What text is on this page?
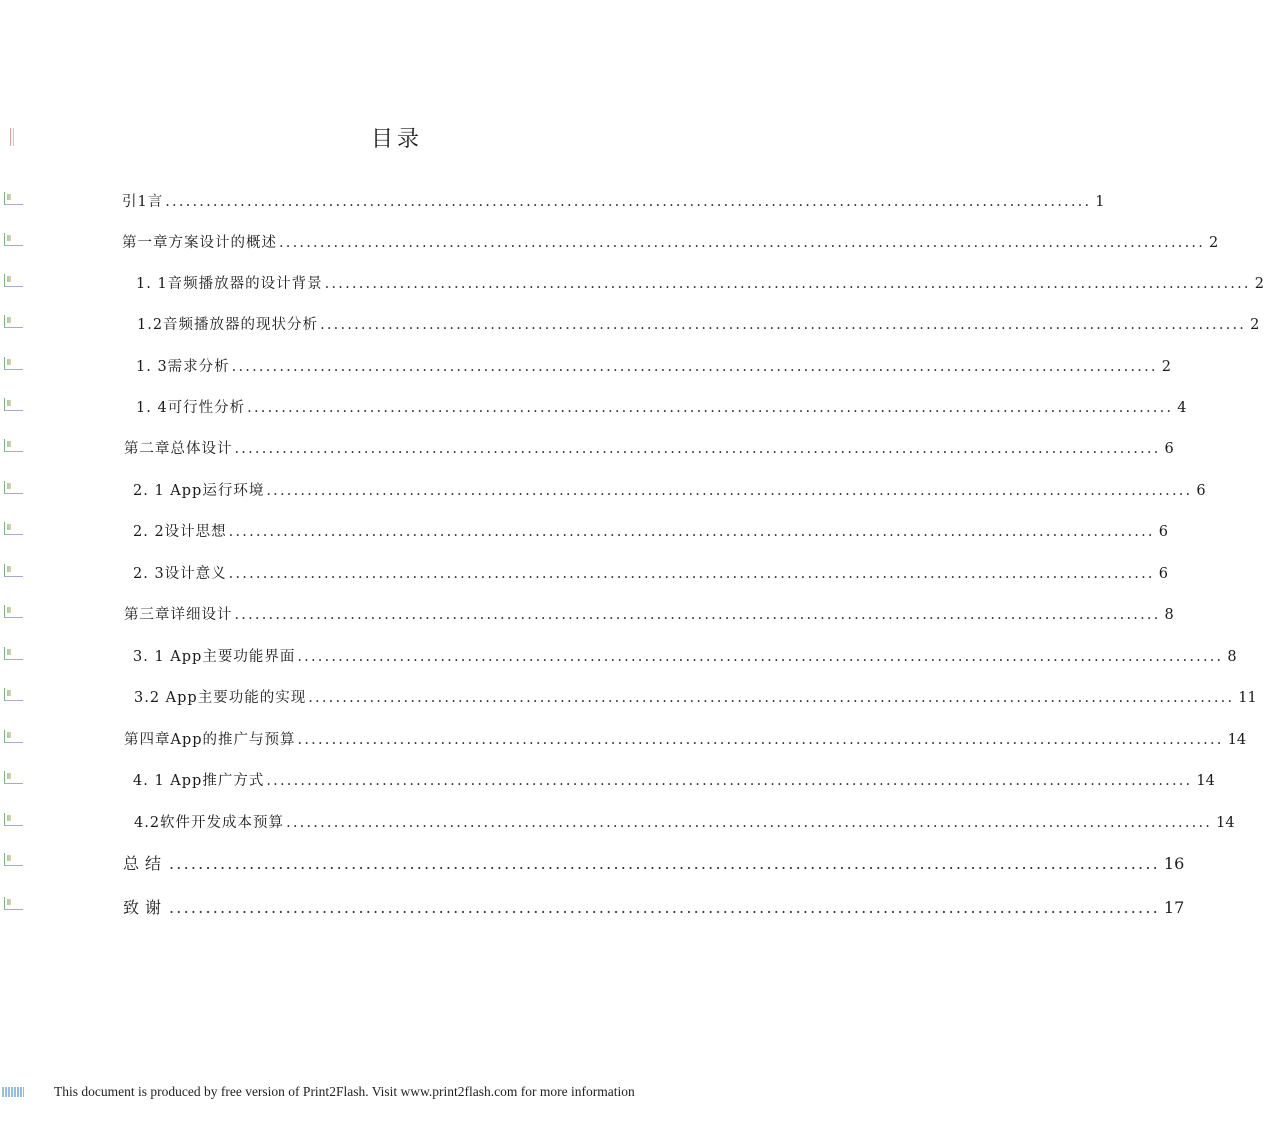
目录
引1言 ........................................................................................................................................ 1
第一章方案设计的概述 ........................................................................................................................................ 2
1. 1音频播放器的设计背景 ........................................................................................................................................ 2
1.2音频播放器的现状分析 ........................................................................................................................................ 2
1. 3需求分析 ........................................................................................................................................ 2
1. 4可行性分析 ........................................................................................................................................ 4
第二章总体设计 ........................................................................................................................................ 6
2. 1 App运行环境 ........................................................................................................................................ 6
2. 2设计思想 ........................................................................................................................................ 6
2. 3设计意义 ........................................................................................................................................ 6
第三章详细设计 ........................................................................................................................................ 8
3. 1 App主要功能界面 ........................................................................................................................................ 8
3.2 App主要功能的实现 ........................................................................................................................................ 11
第四章App的推广与预算 ........................................................................................................................................ 14
4. 1 App推广方式 ........................................................................................................................................ 14
4.2软件开发成本预算 ........................................................................................................................................ 14
总结 ........................................................................................................................................ 16
致谢 ........................................................................................................................................ 17
This document is produced by free version of Print2Flash. Visit www.print2flash.com for more information
